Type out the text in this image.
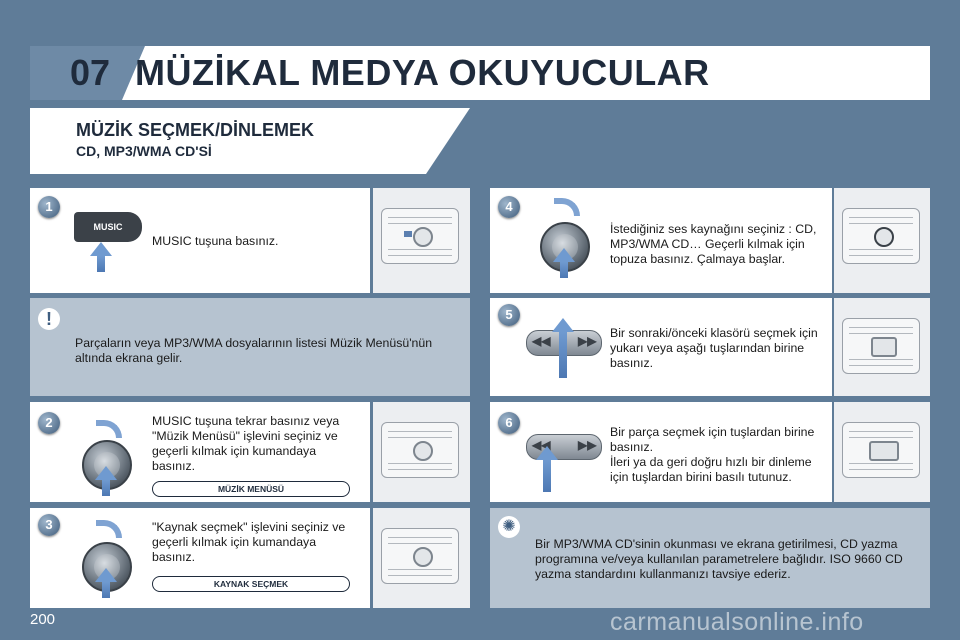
07 MÜZİKAL MEDYA OKUYUCULAR
MÜZİK SEÇMEK/DİNLEMEK
CD, MP3/WMA CD'Sİ
1
MUSIC
MUSIC tuşuna basınız.
!
Parçaların veya MP3/WMA dosyalarının listesi Müzik Menüsü'nün altında ekrana gelir.
2	MUSIC tuşuna tekrar basınız veya "Müzik Menüsü" işlevini seçiniz ve geçerli kılmak için kumandaya basınız.
MÜZİK MENÜSÜ
3	"Kaynak seçmek" işlevini seçiniz ve geçerli kılmak için kumandaya basınız.
KAYNAK SEÇMEK
4
İstediğiniz ses kaynağını seçiniz : CD, MP3/WMA CD… Geçerli kılmak için topuza basınız. Çalmaya başlar.
5
◀◀ ▶▶
Bir sonraki/önceki klasörü seçmek için yukarı veya aşağı tuşlarından birine basınız.
6
◀◀ ▶▶
Bir parça seçmek için tuşlardan birine basınız.
İleri ya da geri doğru hızlı bir dinleme için tuşlardan birini basılı tutunuz.
✺
Bir MP3/WMA CD'sinin okunması ve ekrana getirilmesi, CD yazma programına ve/veya kullanılan parametrelere bağlıdır. ISO 9660 CD yazma standardını kullanmanızı tavsiye ederiz.
200	carmanualsonline.info
